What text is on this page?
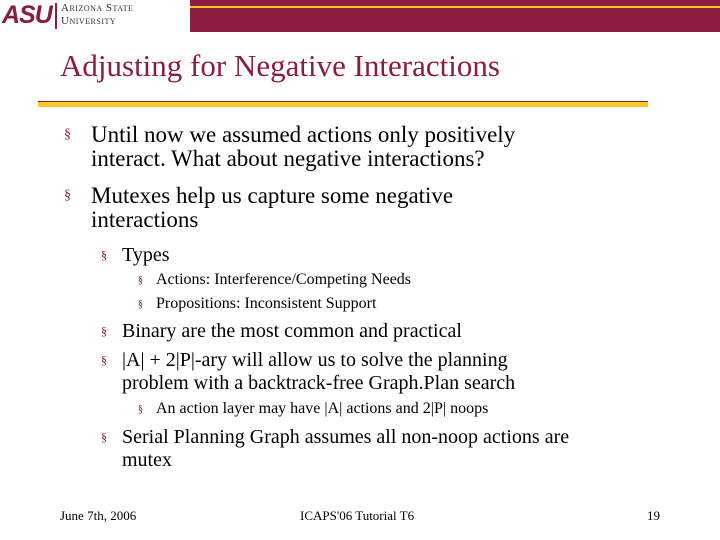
ASU Arizona State
University
Adjusting for Negative Interactions
§ Until now we assumed actions only positively
interact. What about negative interactions?
§ Mutexes help us capture some negative
interactions
§ Types
§ Actions: Interference/Competing Needs
§ Propositions: Inconsistent Support
§ Binary are the most common and practical
§ |A| + 2|P|-ary will allow us to solve the planning
problem with a backtrack-free Graph.Plan search
§ An action layer may have |A| actions and 2|P| noops
§ Serial Planning Graph assumes all non-noop actions are
mutex
June 7th, 2006	ICAPS'06 Tutorial T6	19
